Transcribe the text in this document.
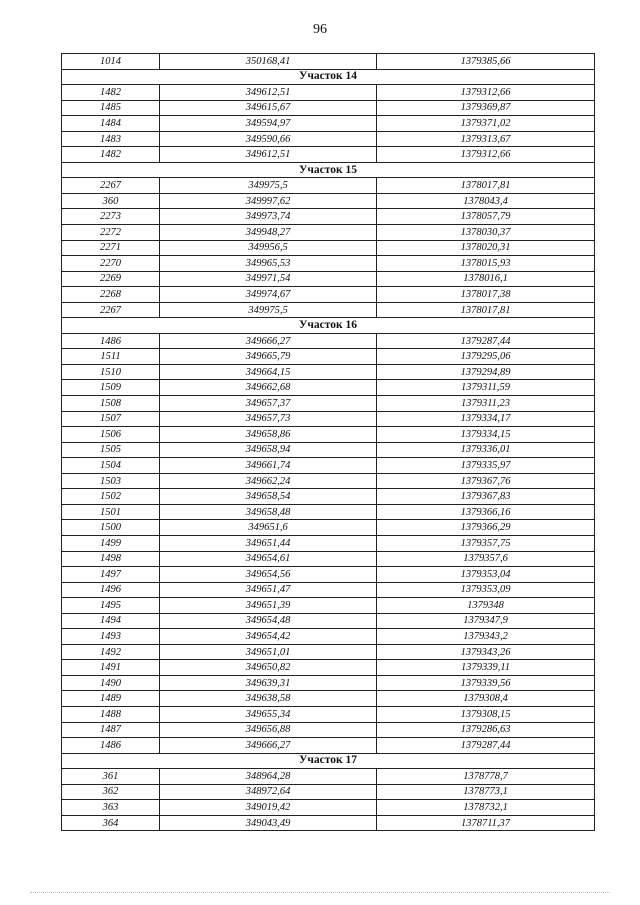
96
1014	350168,41	1379385,66
Участок 14		
1482	349612,51	1379312,66
1485	349615,67	1379369,87
1484	349594,97	1379371,02
1483	349590,66	1379313,67
1482	349612,51	1379312,66
Участок 15		
2267	349975,5	1378017,81
360	349997,62	1378043,4
2273	349973,74	1378057,79
2272	349948,27	1378030,37
2271	349956,5	1378020,31
2270	349965,53	1378015,93
2269	349971,54	1378016,1
2268	349974,67	1378017,38
2267	349975,5	1378017,81
Участок 16		
1486	349666,27	1379287,44
1511	349665,79	1379295,06
1510	349664,15	1379294,89
1509	349662,68	1379311,59
1508	349657,37	1379311,23
1507	349657,73	1379334,17
1506	349658,86	1379334,15
1505	349658,94	1379336,01
1504	349661,74	1379335,97
1503	349662,24	1379367,76
1502	349658,54	1379367,83
1501	349658,48	1379366,16
1500	349651,6	1379366,29
1499	349651,44	1379357,75
1498	349654,61	1379357,6
1497	349654,56	1379353,04
1496	349651,47	1379353,09
1495	349651,39	1379348
1494	349654,48	1379347,9
1493	349654,42	1379343,2
1492	349651,01	1379343,26
1491	349650,82	1379339,11
1490	349639,31	1379339,56
1489	349638,58	1379308,4
1488	349655,34	1379308,15
1487	349656,88	1379286,63
1486	349666,27	1379287,44
Участок 17		
361	348964,28	1378778,7
362	348972,64	1378773,1
363	349019,42	1378732,1
364	349043,49	1378711,37
